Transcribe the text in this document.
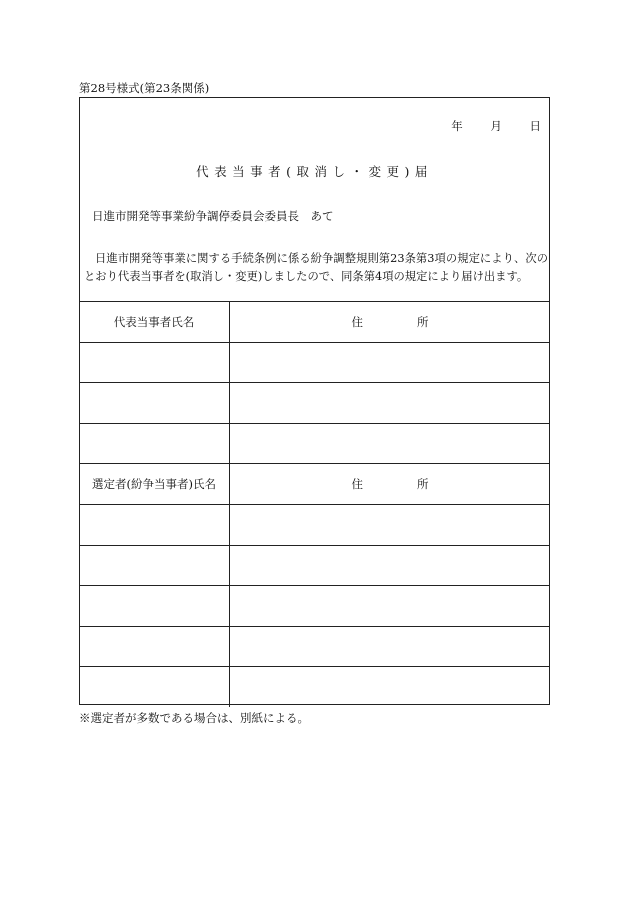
第28号様式(第23条関係)
年 月 日
代表当事者(取消し・変更)届
日進市開発等事業紛争調停委員会委員長　あて
日進市開発等事業に関する手続条例に係る紛争調整規則第23条第3項の規定により、次のとおり代表当事者を(取消し・変更)しましたので、同条第4項の規定により届け出ます。
代表当事者氏名	住 所

選定者(紛争当事者)氏名	住 所

※選定者が多数である場合は、別紙による。
